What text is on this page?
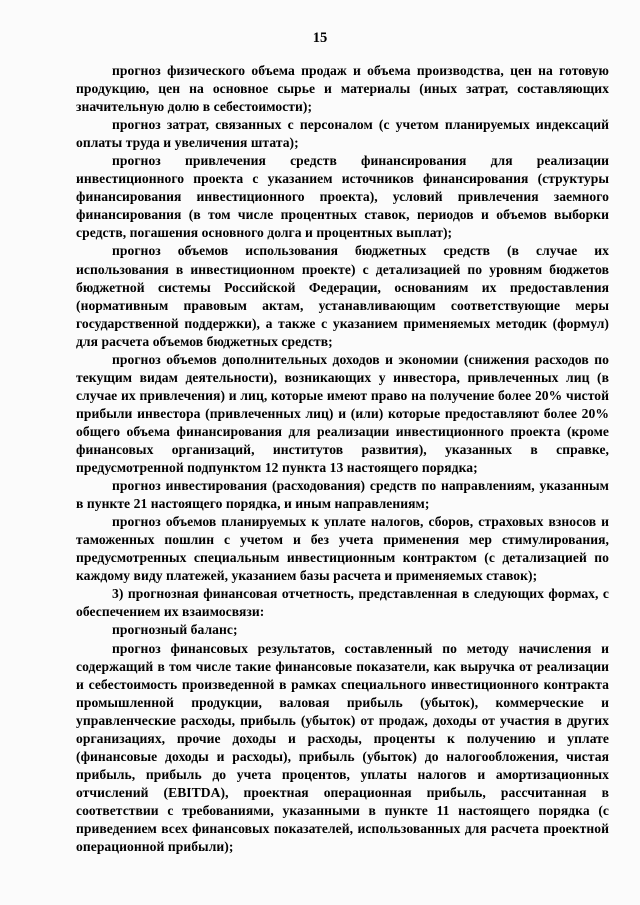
15

прогноз физического объема продаж и объема производства, цен на готовую продукцию, цен на основное сырье и материалы (иных затрат, составляющих значительную долю в себестоимости);

прогноз затрат, связанных с персоналом (с учетом планируемых индексаций оплаты труда и увеличения штата);

прогноз привлечения средств финансирования для реализации инвестиционного проекта с указанием источников финансирования (структуры финансирования инвестиционного проекта), условий привлечения заемного финансирования (в том числе процентных ставок, периодов и объемов выборки средств, погашения основного долга и процентных выплат);

прогноз объемов использования бюджетных средств (в случае их использования в инвестиционном проекте) с детализацией по уровням бюджетов бюджетной системы Российской Федерации, основаниям их предоставления (нормативным правовым актам, устанавливающим соответствующие меры государственной поддержки), а также с указанием применяемых методик (формул) для расчета объемов бюджетных средств;

прогноз объемов дополнительных доходов и экономии (снижения расходов по текущим видам деятельности), возникающих у инвестора, привлеченных лиц (в случае их привлечения) и лиц, которые имеют право на получение более 20% чистой прибыли инвестора (привлеченных лиц) и (или) которые предоставляют более 20% общего объема финансирования для реализации инвестиционного проекта (кроме финансовых организаций, институтов развития), указанных в справке, предусмотренной подпунктом 12 пункта 13 настоящего порядка;

прогноз инвестирования (расходования) средств по направлениям, указанным в пункте 21 настоящего порядка, и иным направлениям;

прогноз объемов планируемых к уплате налогов, сборов, страховых взносов и таможенных пошлин с учетом и без учета применения мер стимулирования, предусмотренных специальным инвестиционным контрактом (с детализацией по каждому виду платежей, указанием базы расчета и применяемых ставок);

3) прогнозная финансовая отчетность, представленная в следующих формах, с обеспечением их взаимосвязи:

прогнозный баланс;

прогноз финансовых результатов, составленный по методу начисления и содержащий в том числе такие финансовые показатели, как выручка от реализации и себестоимость произведенной в рамках специального инвестиционного контракта промышленной продукции, валовая прибыль (убыток), коммерческие и управленческие расходы, прибыль (убыток) от продаж, доходы от участия в других организациях, прочие доходы и расходы, проценты к получению и уплате (финансовые доходы и расходы), прибыль (убыток) до налогообложения, чистая прибыль, прибыль до учета процентов, уплаты налогов и амортизационных отчислений (EBITDA), проектная операционная прибыль, рассчитанная в соответствии с требованиями, указанными в пункте 11 настоящего порядка (с приведением всех финансовых показателей, использованных для расчета проектной операционной прибыли);
